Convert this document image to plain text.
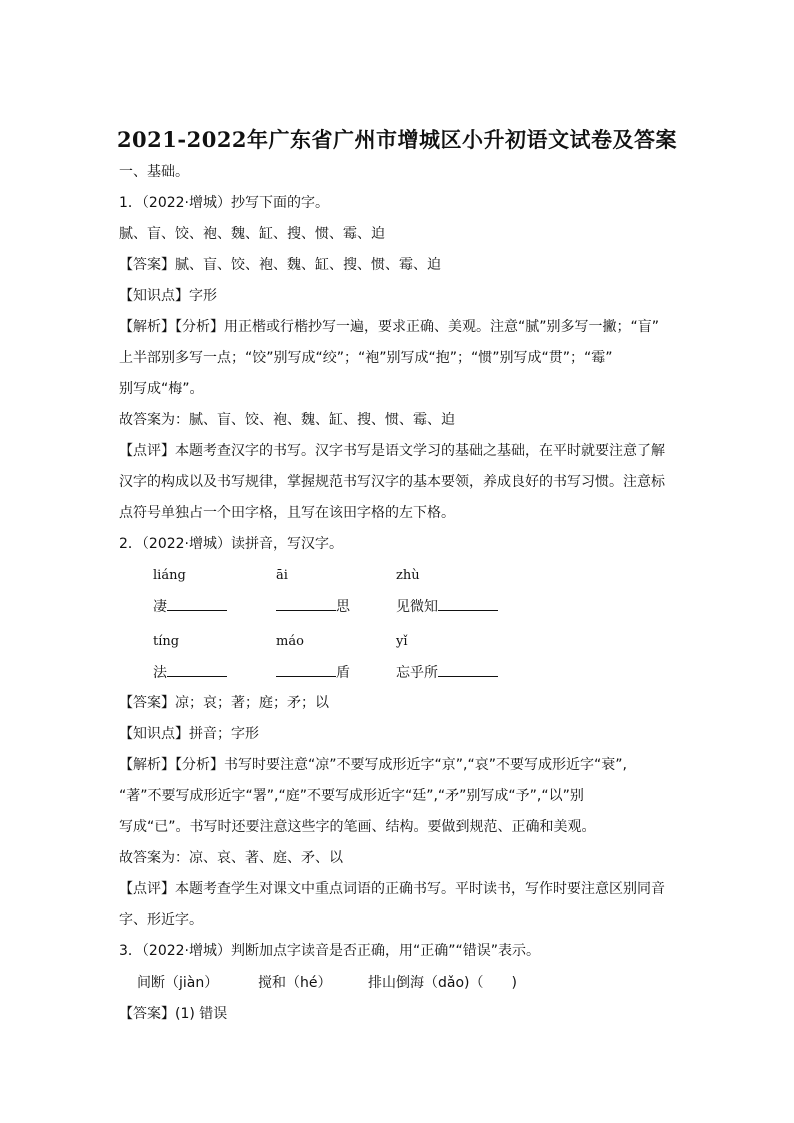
2021-2022年广东省广州市增城区小升初语文试卷及答案
一、基础。
1．（2022·增城）抄写下面的字。
腻、盲、饺、袍、魏、缸、搜、惯、霉、迫
【答案】腻、盲、饺、袍、魏、缸、搜、惯、霉、迫
【知识点】字形
【解析】【分析】用正楷或行楷抄写一遍，要求正确、美观。注意“腻”别多写一撇；“盲”
上半部别多写一点；“饺”别写成“绞”；“袍”别写成“抱”；“惯”别写成“贯”；“霉”
别写成“梅”。
故答案为：腻、盲、饺、袍、魏、缸、搜、惯、霉、迫
【点评】本题考查汉字的书写。汉字书写是语文学习的基础之基础，在平时就要注意了解
汉字的构成以及书写规律，掌握规范书写汉字的基本要领，养成良好的书写习惯。注意标
点符号单独占一个田字格，且写在该田字格的左下格。
2．（2022·增城）读拼音，写汉字。
liáng	āi	zhù
凄	思	见微知
tíng	máo	yǐ
法	盾	忘乎所
【答案】凉；哀；著；庭；矛；以
【知识点】拼音；字形
【解析】【分析】书写时要注意“凉”不要写成形近字“京”,“哀”不要写成形近字“衰”,
“著”不要写成形近字“署”,“庭”不要写成形近字“廷”,“矛”别写成“予”,“以”别
写成“已”。书写时还要注意这些字的笔画、结构。要做到规范、正确和美观。
故答案为：凉、哀、著、庭、矛、以
【点评】本题考查学生对课文中重点词语的正确书写。平时读书，写作时要注意区别同音
字、形近字。
3．（2022·增城）判断加点字读音是否正确，用“正确”“错误”表示。
间断（jiàn）	搅和（hé）	排山倒海（dǎo)（　　)
【答案】(1) 错误
